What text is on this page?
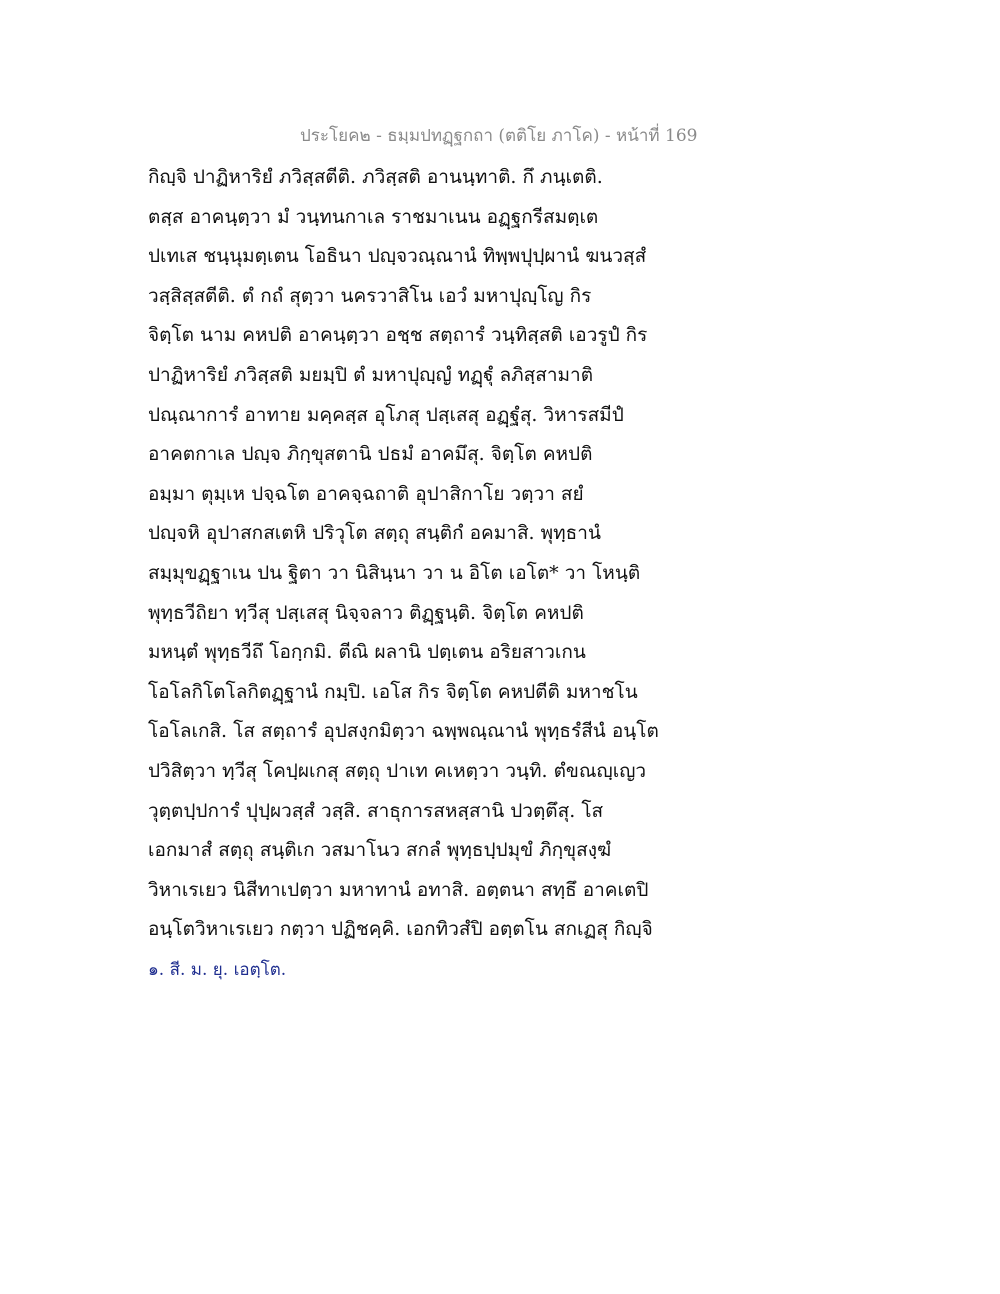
ประโยค๒ - ธมฺมปทฏฺฐกถา (ตติโย ภาโค) - หน้าที่ 169
กิญฺจิ ปาฏิหาริยํ ภวิสฺสตีติ. ภวิสฺสติ อานนฺทาติ. กึ ภนฺเตติ.
ตสฺส อาคนฺตฺวา มํ วนฺทนกาเล ราชมาเนน อฏฺฐกรีสมตฺเต
ปเทเส ชนฺนุมตฺเตน โอธินา ปญฺจวณฺณานํ ทิพฺพปุปฺผานํ ฆนวสฺสํ
วสฺสิสฺสตีติ. ตํ กถํ สุตฺวา นครวาสิโน เอวํ มหาปุญฺโญ กิร
จิตฺโต นาม คหปติ อาคนฺตฺวา อชฺช สตฺถารํ วนฺทิสฺสติ เอวรูปํ กิร
ปาฏิหาริยํ ภวิสฺสติ มยมฺปิ ตํ มหาปุญฺญํ ทฏฺฐุํ ลภิสฺสามาติ
ปณฺณาการํ อาทาย มคฺคสฺส อุโภสุ ปสฺเสสุ อฏฺฐํสุ. วิหารสมีปํ
อาคตกาเล ปญฺจ ภิกฺขุสตานิ ปธมํ อาคมึสุ. จิตฺโต คหปติ
อมฺมา ตุมฺเห ปจฺฉโต อาคจฺฉถาติ อุปาสิกาโย วตฺวา สยํ
ปญฺจหิ อุปาสกสเตหิ ปริวุโต สตฺถุ สนฺติกํ อคมาสิ. พุทฺธานํ
สมฺมุขฏฺฐาเน ปน ฐิตา วา นิสินฺนา วา น อิโต เอโต* วา โหนฺติ
พุทฺธวีถิยา ทฺวีสุ ปสฺเสสุ นิจฺจลาว ติฏฺฐนฺติ. จิตฺโต คหปติ
มหนฺตํ พุทฺธวีถึ โอกฺกมิ. ตีณิ ผลานิ ปตฺเตน อริยสาวเกน
โอโลกิโตโลกิตฏฺฐานํ กมฺปิ. เอโส กิร จิตฺโต คหปตีติ มหาชโน
โอโลเกสิ. โส สตฺถารํ อุปสงฺกมิตฺวา ฉพฺพณฺณานํ พุทฺธรํสีนํ อนฺโต
ปวิสิตฺวา ทฺวีสุ โคปฺผเกสุ สตฺถุ ปาเท คเหตฺวา วนฺทิ. ตํขณญฺเญว
วุตฺตปฺปการํ ปุปฺผวสฺสํ วสฺสิ. สาธุการสหสฺสานิ ปวตฺตึสุ. โส
เอกมาสํ สตฺถุ สนฺติเก วสมาโนว สกลํ พุทฺธปฺปมุขํ ภิกฺขุสงฺฆํ
วิหาเรเยว นิสีทาเปตฺวา มหาทานํ อทาสิ. อตฺตนา สทฺธึ อาคเตปิ
อนฺโตวิหาเรเยว กตฺวา ปฏิชคฺคิ. เอกทิวสํปิ อตฺตโน สกเฏสุ กิญฺจิ
๑. สี. ม. ยุ. เอตฺโต.
